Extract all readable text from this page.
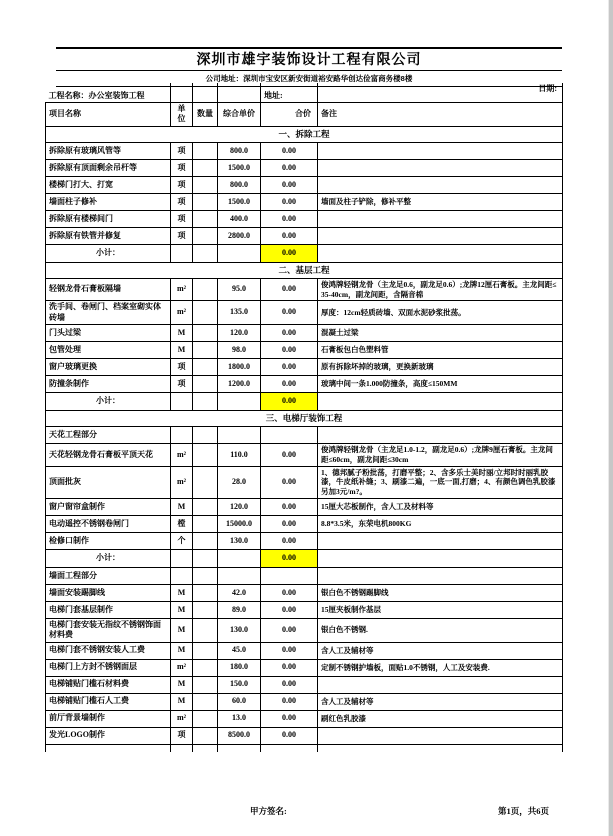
深圳市雄宇装饰设计工程有限公司
公司地址：深圳市宝安区新安街道裕安路华创达俭富商务楼8楼
工程名称：办公室装饰工程				地址:	日期:
项目名称	单位	数量	综合单价	合价	备注
一、拆除工程					
拆除原有玻璃风管等	项		800.0	0.00	
拆除原有顶面剩余吊杆等	项		1500.0	0.00	
楼梯门打大、打宽	项		800.0	0.00	
墙面柱子修补	项		1500.0	0.00	墙面及柱子铲除，修补平整
拆除原有楼梯间门	项		400.0	0.00	
拆除原有铁管并修复	项		2800.0	0.00	
小计：				0.00	
二、基层工程					
轻钢龙骨石膏板隔墙	m²		95.0	0.00	俊鸿牌轻钢龙骨（主龙足0.6，副龙足0.6）;龙牌12厘石膏板。主龙间距≤35-40cm，副龙间距，含隔音棉
洗手间、卷闸门、档案室砌实体砖墙	m²		135.0	0.00	厚度：12cm轻质砖墙、双面水泥砂浆批荡。
门头过梁	M		120.0	0.00	混凝土过梁
包管处理	M		98.0	0.00	石膏板包白色塑料管
窗户玻璃更换	项		1800.0	0.00	原有拆除坏掉的玻璃，更换新玻璃
防撞条制作	项		1200.0	0.00	玻璃中间一条1.000防撞条，高度≤150MM
小计：				0.00	
三、电梯厅装饰工程					
天花工程部分					
天花轻钢龙骨石膏板平顶天花	m²		110.0	0.00	俊鸿牌轻钢龙骨（主龙足1.0-1.2，副龙足0.6）;龙牌9厘石膏板。主龙间距≤60cm，副龙间距≤30cm
顶面批灰	m²		28.0	0.00	1、德邦腻子粉批荡，打磨平整；2、含多乐士美时丽/立邦时时丽乳胶漆，牛皮纸补缝；3、刷漆二遍，一底一面,打磨；4、有颜色调色乳胶漆另加3元/m?。
窗户窗帘盒制作	M		120.0	0.00	15厘大芯板制作，含人工及材料等
电动遥控不锈钢卷闸门	樘		15000.0	0.00	8.8*3.5米，东荣电机800KG
检修口制作	个		130.0	0.00	
小计：				0.00	
墙面工程部分					
墙面安装踢脚线	M		42.0	0.00	银白色不锈钢踢脚线
电梯门套基层制作	M		89.0	0.00	15厘夹板制作基层
电梯门套安装无指纹不锈钢饰面材料费	M		130.0	0.00	银白色不锈钢.
电梯门套不锈钢安装人工费	M		45.0	0.00	含人工及辅材等
电梯门上方封不锈钢面层	m²		180.0	0.00	定制不锈钢护墙板，面贴1.0不锈钢，人工及安装费.
电梯铺贴门槛石材料费	M		150.0	0.00	
电梯铺贴门槛石人工费	M		60.0	0.00	含人工及辅材等
前厅背景墙制作	m²		13.0	0.00	刷红色乳胶漆
发光LOGO制作	项		8500.0	0.00	

甲方签名:	第1页，共6页
